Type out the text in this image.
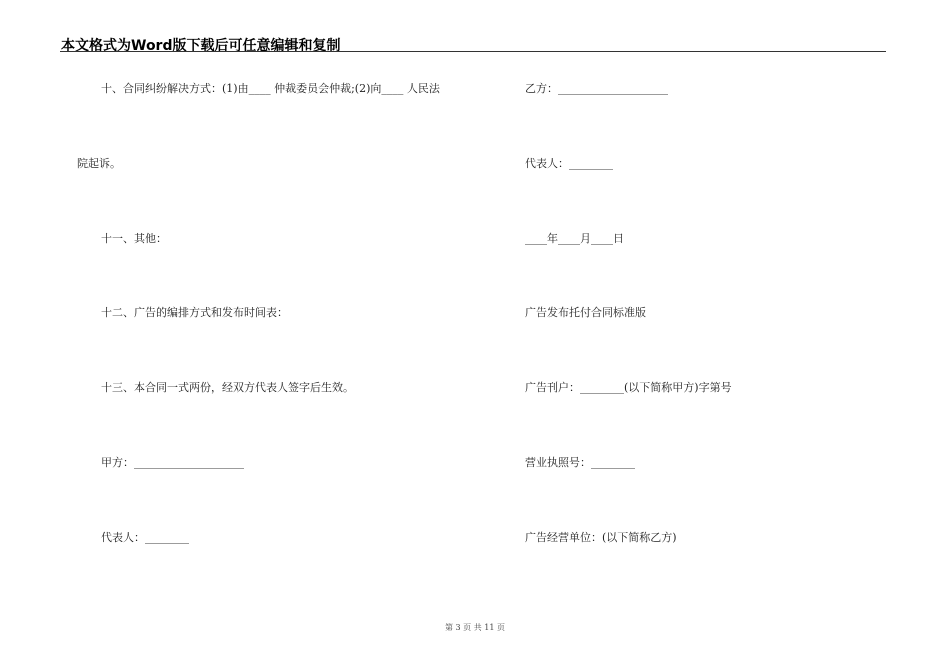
本文格式为Word版下载后可任意编辑和复制
十、合同纠纷解决方式：(1)由____ 仲裁委员会仲裁;(2)向____ 人民法
院起诉。
十一、其他：
十二、广告的编排方式和发布时间表：
十三、本合同一式两份，经双方代表人签字后生效。
甲方：____________________
代表人：________
乙方：____________________
代表人：________
____年____月____日
广告发布托付合同标准版
广告刊户：________(以下简称甲方)字第号
营业执照号：________
广告经营单位：(以下简称乙方)
第 3 页 共 11 页
